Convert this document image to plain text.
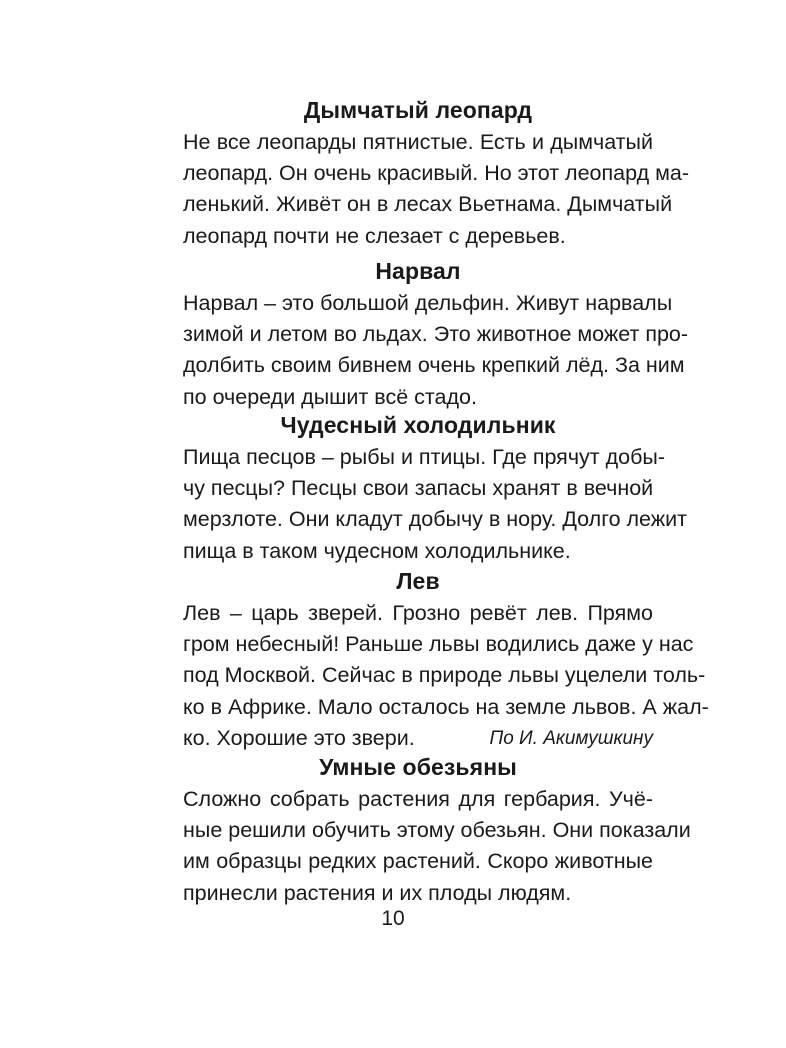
Дымчатый леопард
Не все леопарды пятнистые. Есть и дымчатый
леопард. Он очень красивый. Но этот леопард ма-
ленький. Живёт он в лесах Вьетнама. Дымчатый
леопард почти не слезает с деревьев.
Нарвал
Нарвал – это большой дельфин. Живут нарвалы
зимой и летом во льдах. Это животное может про-
долбить своим бивнем очень крепкий лёд. За ним
по очереди дышит всё стадо.
Чудесный холодильник
Пища песцов – рыбы и птицы. Где прячут добы-
чу песцы? Песцы свои запасы хранят в вечной
мерзлоте. Они кладут добычу в нору. Долго лежит
пища в таком чудесном холодильнике.
Лев
Лев – царь зверей. Грозно ревёт лев. Прямо
гром небесный! Раньше львы водились даже у нас
под Москвой. Сейчас в природе львы уцелели толь-
ко в Африке. Мало осталось на земле львов. А жал-
ко. Хорошие это звери.	По И. Акимушкину
Умные обезьяны
Сложно собрать растения для гербария. Учё-
ные решили обучить этому обезьян. Они показали
им образцы редких растений. Скоро животные
принесли растения и их плоды людям.
10
